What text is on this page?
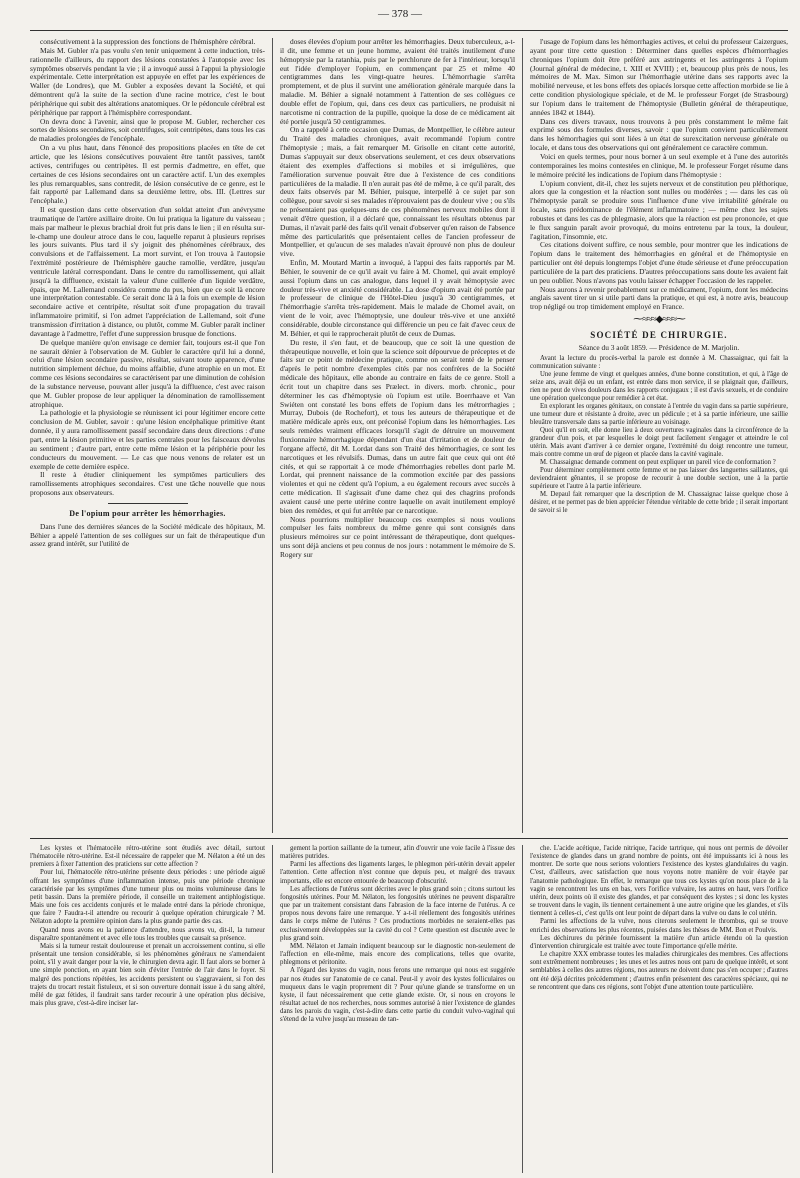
— 378 —

consécutivement à la suppression des fonctions de l'hémisphère cérébral.

Mais M. Gubler n'a pas voulu s'en tenir uniquement à cette induction, très-rationnelle d'ailleurs, du rapport des lésions constatées à l'autopsie avec les symptômes observés pendant la vie ; il a invoqué aussi à l'appui la physiologie expérimentale. Cette interprétation est appuyée en effet par les expériences de Waller (de Londres), que M. Gubler a exposées devant la Société, et qui démontrent qu'à la suite de la section d'une racine motrice, c'est le bout périphérique qui subit des altérations anatomiques. Or le pédoncule cérébral est périphérique par rapport à l'hémisphère correspondant.

On devra donc à l'avenir, ainsi que le propose M. Gubler, rechercher ces sortes de lésions secondaires, soit centrifuges, soit centripètes, dans tous les cas de maladies prolongées de l'encéphale.

On a vu plus haut, dans l'énoncé des propositions placées en tête de cet article, que les lésions consécutives pouvaient être tantôt passives, tantôt actives, centrifuges ou centripètes. Il est permis d'admettre, en effet, que certaines de ces lésions secondaires ont un caractère actif. L'un des exemples les plus remarquables, sans contredit, de lésion consécutive de ce genre, est le fait rapporté par Lallemand dans sa deuxième lettre, obs. III. (Lettres sur l'encéphale.)

Il est question dans cette observation d'un soldat atteint d'un anévrysme traumatique de l'artère axillaire droite. On lui pratiqua la ligature du vaisseau ; mais par malheur le plexus brachial droit fut pris dans le lien ; il en résulta sur-le-champ une douleur atroce dans le cou, laquelle reparut à plusieurs reprises les jours suivants. Plus tard il s'y joignit des phénomènes cérébraux, des convulsions et de l'affaissement. La mort survint, et l'on trouva à l'autopsie l'extrémité postérieure de l'hémisphère gauche ramollie, verdâtre, jusqu'au ventricule latéral correspondant. Dans le centre du ramollissement, qui allait jusqu'à la diffluence, existait la valeur d'une cuillerée d'un liquide verdâtre, épais, que M. Lallemand considéra comme du pus, bien que ce soit là encore une interprétation contestable. Ce serait donc là à la fois un exemple de lésion secondaire active et centripète, résultat soit d'une propagation du travail inflammatoire primitif, si l'on admet l'appréciation de Lallemand, soit d'une transmission d'irritation à distance, ou plutôt, comme M. Gubler paraît incliner davantage à l'admettre, l'effet d'une suppression brusque de fonctions.

De quelque manière qu'on envisage ce dernier fait, toujours est-il que l'on ne saurait dénier à l'observation de M. Gubler le caractère qu'il lui a donné, celui d'une lésion secondaire passive, résultat, suivant toute apparence, d'une nutrition simplement déchue, du moins affaiblie, d'une atrophie en un mot. Et comme ces lésions secondaires se caractérisent par une diminution de cohésion de la substance nerveuse, pouvant aller jusqu'à la diffluence, c'est avec raison que M. Gubler propose de leur appliquer la dénomination de ramollissement atrophique.

La pathologie et la physiologie se réunissent ici pour légitimer encore cette conclusion de M. Gubler, savoir : qu'une lésion encéphalique primitive étant donnée, il y aura ramollissement passif secondaire dans deux directions : d'une part, entre la lésion primitive et les parties centrales pour les faisceaux dévolus au sentiment ; d'autre part, entre cette même lésion et la périphérie pour les conducteurs du mouvement. — Le cas que nous venons de relater est un exemple de cette dernière espèce.

Il reste à étudier cliniquement les symptômes particuliers des ramollissements atrophiques secondaires. C'est une tâche nouvelle que nous proposons aux observateurs.

De l'opium pour arrêter les hémorrhagies.

Dans l'une des dernières séances de la Société médicale des hôpitaux, M. Béhier a appelé l'attention de ses collègues sur un fait de thérapeutique d'un assez grand intérêt, sur l'utilité de

doses élevées d'opium pour arrêter les hémorrhagies. Deux tuberculeux, a-t-il dit, une femme et un jeune homme, avaient été traités inutilement d'une hémoptysie par la ratanhia, puis par le perchlorure de fer à l'intérieur, lorsqu'il eut l'idée d'employer l'opium, en commençant par 25 et même 40 centigrammes dans les vingt-quatre heures. L'hémorrhagie s'arrêta promptement, et de plus il survint une amélioration générale marquée dans la maladie. M. Béhier a signalé notamment à l'attention de ses collègues ce double effet de l'opium, qui, dans ces deux cas particuliers, ne produisit ni narcotisme ni contraction de la pupille, quoique la dose de ce médicament ait été portée jusqu'à 50 centigrammes.

On a rappelé à cette occasion que Dumas, de Montpellier, le célèbre auteur du Traité des maladies chroniques, avait recommandé l'opium contre l'hémoptysie ; mais, a fait remarquer M. Grisolle en citant cette autorité, Dumas s'appuyait sur deux observations seulement, et ces deux observations étaient des exemples d'affections si mobiles et si irrégulières, que l'amélioration survenue pouvait être due à l'existence de ces conditions particulières de la maladie. Il n'en aurait pas été de même, à ce qu'il paraît, des deux faits observés par M. Béhier, puisque, interpellé à ce sujet par son collègue, pour savoir si ses malades n'éprouvaient pas de douleur vive ; ou s'ils ne présentaient pas quelques-uns de ces phénomènes nerveux mobiles dont il venait d'être question, il a déclaré que, connaissant les résultats obtenus par Dumas, il n'avait parlé des faits qu'il venait d'observer qu'en raison de l'absence même des particularités que présentaient celles de l'ancien professeur de Montpellier, et qu'aucun de ses malades n'avait éprouvé non plus de douleur vive.

Enfin, M. Moutard Martin a invoqué, à l'appui des faits rapportés par M. Béhier, le souvenir de ce qu'il avait vu faire à M. Chomel, qui avait employé aussi l'opium dans un cas analogue, dans lequel il y avait hémoptysie avec douleur très-vive et anxiété considérable. La dose d'opium avait été portée par le professeur de clinique de l'Hôtel-Dieu jusqu'à 30 centigrammes, et l'hémorrhagie s'arrêta très-rapidement. Mais le malade de Chomel avait, on vient de le voir, avec l'hémoptysie, une douleur très-vive et une anxiété considérable, double circonstance qui différencie un peu ce fait d'avec ceux de M. Béhier, et qui le rapprocherait plutôt de ceux de Dumas.

Du reste, il s'en faut, et de beaucoup, que ce soit là une question de thérapeutique nouvelle, et loin que la science soit dépourvue de préceptes et de faits sur ce point de médecine pratique, comme on serait tenté de le penser d'après le petit nombre d'exemples cités par nos confrères de la Société médicale des hôpitaux, elle abonde au contraire en faits de ce genre. Stoll a écrit tout un chapitre dans ses Prælect. in divers. morb. chronic., pour déterminer les cas d'hémoptysie où l'opium est utile. Boerrhaave et Van Swiéten ont constaté les bons effets de l'opium dans les métrorrhagies ; Murray, Dubois (de Rochefort), et tous les auteurs de thérapeutique et de matière médicale après eux, ont préconisé l'opium dans les hémorrhagies. Les seuls remèdes vraiment efficaces lorsqu'il s'agit de détruire un mouvement fluxionnaire hémorrhagique dépendant d'un état d'irritation et de douleur de l'organe affecté, dit M. Lordat dans son Traité des hémorrhagies, ce sont les narcotiques et les révulsifs. Dumas, dans un autre fait que ceux qui ont été cités, et qui se rapportait à ce mode d'hémorrhagies rebelles dont parle M. Lordat, qui prennent naissance de la commotion excitée par des passions violentes et qui ne cèdent qu'à l'opium, a eu également recours avec succès à cette médication. Il s'agissait d'une dame chez qui des chagrins profonds avaient causé une perte utérine contre laquelle on avait inutilement employé bien des remèdes, et qui fut arrêtée par ce narcotique.

Nous pourrions multiplier beaucoup ces exemples si nous voulions compulser les faits nombreux du même genre qui sont consignés dans plusieurs mémoires sur ce point intéressant de thérapeutique, dont quelques-uns sont déjà anciens et peu connus de nos jours : notamment le mémoire de S. Rogery sur

l'usage de l'opium dans les hémorrhagies actives, et celui du professeur Caizergues, ayant pour titre cette question : Déterminer dans quelles espèces d'hémorrhagies chroniques l'opium doit être préféré aux astringents et les astringents à l'opium (Journal général de médecine, t. XIII et XVIII) ; et, beaucoup plus près de nous, les mémoires de M. Max. Simon sur l'hémorrhagie utérine dans ses rapports avec la mobilité nerveuse, et les bons effets des opiacés lorsque cette affection morbide se lie à cette condition physiologique spéciale, et de M. le professeur Forget (de Strasbourg) sur l'opium dans le traitement de l'hémoptysie (Bulletin général de thérapeutique, années 1842 et 1844).

Dans ces divers travaux, nous trouvons à peu près constamment le même fait exprimé sous des formules diverses, savoir : que l'opium convient particulièrement dans les hémorrhagies qui sont liées à un état de surexcitation nerveuse générale ou locale, et dans tous des observations qui ont généralement ce caractère commun.

Voici en quels termes, pour nous borner à un seul exemple et à l'une des autorités contemporaines les moins contestées en clinique, M. le professeur Forget résume dans le mémoire précité les indications de l'opium dans l'hémoptysie :

L'opium convient, dit-il, chez les sujets nerveux et de constitution peu pléthorique, alors que la congestion et la réaction sont nulles ou modérées ; — dans les cas où l'hémoptysie paraît se produire sous l'influence d'une vive irritabilité générale ou locale, sans prédominance de l'élément inflammatoire ; — même chez les sujets robustes et dans les cas de phlegmasie, alors que la réaction est peu prononcée, et que le flux sanguin paraît avoir provoqué, du moins entretenu par la toux, la douleur, l'agitation, l'insomnie, etc.

Ces citations doivent suffire, ce nous semble, pour montrer que les indications de l'opium dans le traitement des hémorrhagies en général et de l'hémoptysie en particulier ont été depuis longtemps l'objet d'une étude sérieuse et d'une préoccupation particulière de la part des praticiens. D'autres préoccupations sans doute les avaient fait un peu oublier. Nous n'avons pas voulu laisser échapper l'occasion de les rappeler.

Nous aurons à revenir probablement sur ce médicament, l'opium, dont les médecins anglais savent tirer un si utile parti dans la pratique, et qui est, à notre avis, beaucoup trop négligé ou trop timidement employé en France.

⁓≈≈≈◆≈≈≈⁓
SOCIÉTÉ DE CHIRURGIE.
Séance du 3 août 1859. — Présidence de M. Marjolin.

Avant la lecture du procès-verbal la parole est donnée à M. Chassaignac, qui fait la communication suivante :

Une jeune femme de vingt et quelques années, d'une bonne constitution, et qui, à l'âge de seize ans, avait déjà eu un enfant, est entrée dans mon service, il se plaignait que, d'ailleurs, rien ne peut de vives douleurs dans les rapports conjugaux ; il est d'avis sexuels, et de conduire une opération quelconque pour remédier à cet état.

En explorant les organes génitaux, on constate à l'entrée du vagin dans sa partie supérieure, une tumeur dure et résistante à droite, avec un pédicule ; et à sa partie inférieure, une saillie bleuâtre transversale dans sa partie inférieure au voisinage.

Quoi qu'il en soit, elle donne lieu à deux ouvertures vaginales dans la circonférence de la grandeur d'un pois, et par lesquelles le doigt peut facilement s'engager et atteindre le col utérin. Mais avant d'arriver à ce dernier organe, l'extrémité du doigt rencontre une tumeur, mais contre comme un œuf de pigeon et placée dans la cavité vaginale.

M. Chassaignac demande comment on peut expliquer un pareil vice de conformation ?

Pour déterminer complètement cette femme et ne pas laisser des languettes saillantes, qui deviendraient gênantes, il se propose de recourir à une double section, une à la partie supérieure et l'autre à la partie inférieure.

M. Depaul fait remarquer que la description de M. Chassaignac laisse quelque chose à désirer, et ne permet pas de bien apprécier l'étendue véritable de cette bride ; il serait important de savoir si le

Les kystes et l'hématocèle rétro-utérine sont étudiés avec détail, surtout l'hématocèle rétro-utérine. Est-il nécessaire de rappeler que M. Nélaton a été un des premiers à fixer l'attention des praticiens sur cette affection ?

Pour lui, l'hématocèle rétro-utérine présente deux périodes : une période aiguë offrant les symptômes d'une inflammation intense, puis une période chronique caractérisée par les symptômes d'une tumeur plus ou moins volumineuse dans le petit bassin. Dans la première période, il conseille un traitement antiphlogistique. Mais une fois ces accidents conjurés et le malade entré dans la période chronique, que faire ? Faudra-t-il attendre ou recourir à quelque opération chirurgicale ? M. Nélaton adopte la première opinion dans la plus grande partie des cas.

Quand nous avons eu la patience d'attendre, nous avons vu, dit-il, la tumeur disparaître spontanément et avec elle tous les troubles que causait sa présence.

Mais si la tumeur restait douloureuse et prenait un accroissement continu, si elle présentait une tension considérable, si les phénomènes généraux ne s'amendaient point, s'il y avait danger pour la vie, le chirurgien devra agir. Il faut alors se borner à une simple ponction, en ayant bien soin d'éviter l'entrée de l'air dans le foyer. Si malgré des ponctions répétées, les accidents persistent ou s'aggravaient, si l'on des trajets du trocart restait fistuleux, et si son ouverture donnait issue à du sang altéré, mêlé de gaz fétides, il faudrait sans tarder recourir à une opération plus décisive, mais plus grave, c'est-à-dire inciser lar-

gement la portion saillante de la tumeur, afin d'ouvrir une voie facile à l'issue des matières putrides.

Parmi les affections des ligaments larges, le phlegmon péri-utérin devait appeler l'attention. Cette affection n'est connue que depuis peu, et malgré des travaux importants, elle est encore entourée de beaucoup d'obscurité.

Les affections de l'utérus sont décrites avec le plus grand soin ; citons surtout les fongosités utérines. Pour M. Nélaton, les fongosités utérines ne peuvent disparaître que par un traitement consistant dans l'abrasion de la face interne de l'utérus. A ce propos nous devons faire une remarque. Y a-t-il réellement des fongosités utérines dans le corps même de l'utérus ? Ces productions morbides ne seraient-elles pas exclusivement développées sur la cavité du col ? Cette question est discutée avec le plus grand soin.

MM. Nélaton et Jamain indiquent beaucoup sur le diagnostic non-seulement de l'affection en elle-même, mais encore des complications, telles que ovarite, phlegmons et péritonite.

A l'égard des kystes du vagin, nous ferons une remarque qui nous est suggérée par nos études sur l'anatomie de ce canal. Peut-il y avoir des kystes folliculaires ou muqueux dans le vagin proprement dit ? Pour qu'une glande se transforme en un kyste, il faut nécessairement que cette glande existe. Or, si nous en croyons le résultat actuel de nos recherches, nous sommes autorisé à nier l'existence de glandes dans les parois du vagin, c'est-à-dire dans cette partie du conduit vulvo-vaginal qui s'étend de la vulve jusqu'au museau de tan-

che. L'acide acétique, l'acide nitrique, l'acide tartrique, qui nous ont permis de dévoiler l'existence de glandes dans un grand nombre de points, ont été impuissants ici à nous les montrer. De sorte que nous serions volontiers l'existence des kystes glandulaires du vagin. C'est, d'ailleurs, avec satisfaction que nous voyons notre manière de voir étayée par l'anatomie pathologique. En effet, le remarque que tous ces kystes qu'on nous place de à la vagin se rencontrent les uns en bas, vers l'orifice vulvaire, les autres en haut, vers l'orifice utérin, deux points où il existe des glandes, et par conséquent des kystes ; si donc les kystes se trouvent dans le vagin, ils tiennent certainement à une autre origine que les glandes, et s'ils tiennent à celles-ci, c'est qu'ils ont leur point de départ dans la vulve ou dans le col utérin.

Parmi les affections de la vulve, nous citerons seulement le thrombus, qui se trouve enrichi des observations les plus récentes, puisées dans les thèses de MM. Bon et Poulvis.

Les déchirures du périnée fournissent la matière d'un article étendu où la question d'intervention chirurgicale est traitée avec toute l'importance qu'elle mérite.

Le chapitre XXX embrasse toutes les maladies chirurgicales des membres. Ces affections sont extrêmement nombreuses ; les unes et les autres nous ont paru de quelque intérêt, et sont semblables à celles des autres régions, nos auteurs ne doivent donc pas s'en occuper ; d'autres ont été déjà décrites précédemment ; d'autres enfin présentent des caractères spéciaux, qui ne se rencontrent que dans ces régions, sont l'objet d'une attention toute particulière.
